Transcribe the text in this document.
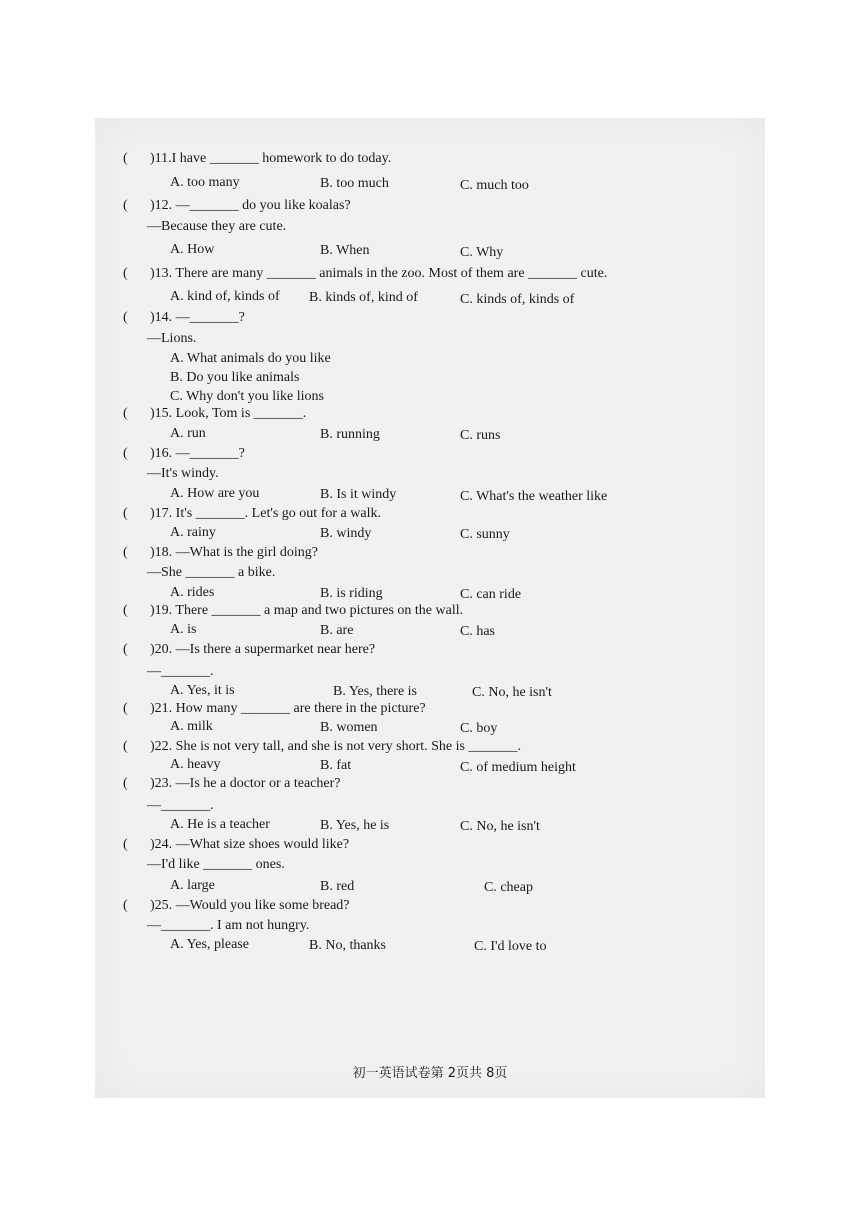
( )11.I have _______ homework to do today.
A. too many	B. too much	C. much too
( )12. —_______ do you like koalas?
—Because they are cute.
A. How	B. When	C. Why
( )13. There are many _______ animals in the zoo. Most of them are _______ cute.
A. kind of, kinds of B. kinds of, kind of	C. kinds of, kinds of
( )14. —_______?
—Lions.
A. What animals do you like
B. Do you like animals
C. Why don't you like lions
( )15. Look, Tom is _______.
A. run	B. running	C. runs
( )16. —_______?
—It's windy.
A. How are you	B. Is it windy	C. What's the weather like
( )17. It's _______. Let's go out for a walk.
A. rainy	B. windy	C. sunny
( )18. —What is the girl doing?
—She _______ a bike.
A. rides	B. is riding	C. can ride
( )19. There _______ a map and two pictures on the wall.
A. is	B. are	C. has
( )20. —Is there a supermarket near here?
—_______.
A. Yes, it is	B. Yes, there is	C. No, he isn't
( )21. How many _______ are there in the picture?
A. milk	B. women	C. boy
( )22. She is not very tall, and she is not very short. She is _______.
A. heavy	B. fat	C. of medium height
( )23. —Is he a doctor or a teacher?
—_______.
A. He is a teacher	B. Yes, he is	C. No, he isn't
( )24. —What size shoes would like?
—I'd like _______ ones.
A. large	B. red	C. cheap
( )25. —Would you like some bread?
—_______. I am not hungry.
A. Yes, please	B. No, thanks	C. I'd love to
初一英语试卷第 2页共 8页
